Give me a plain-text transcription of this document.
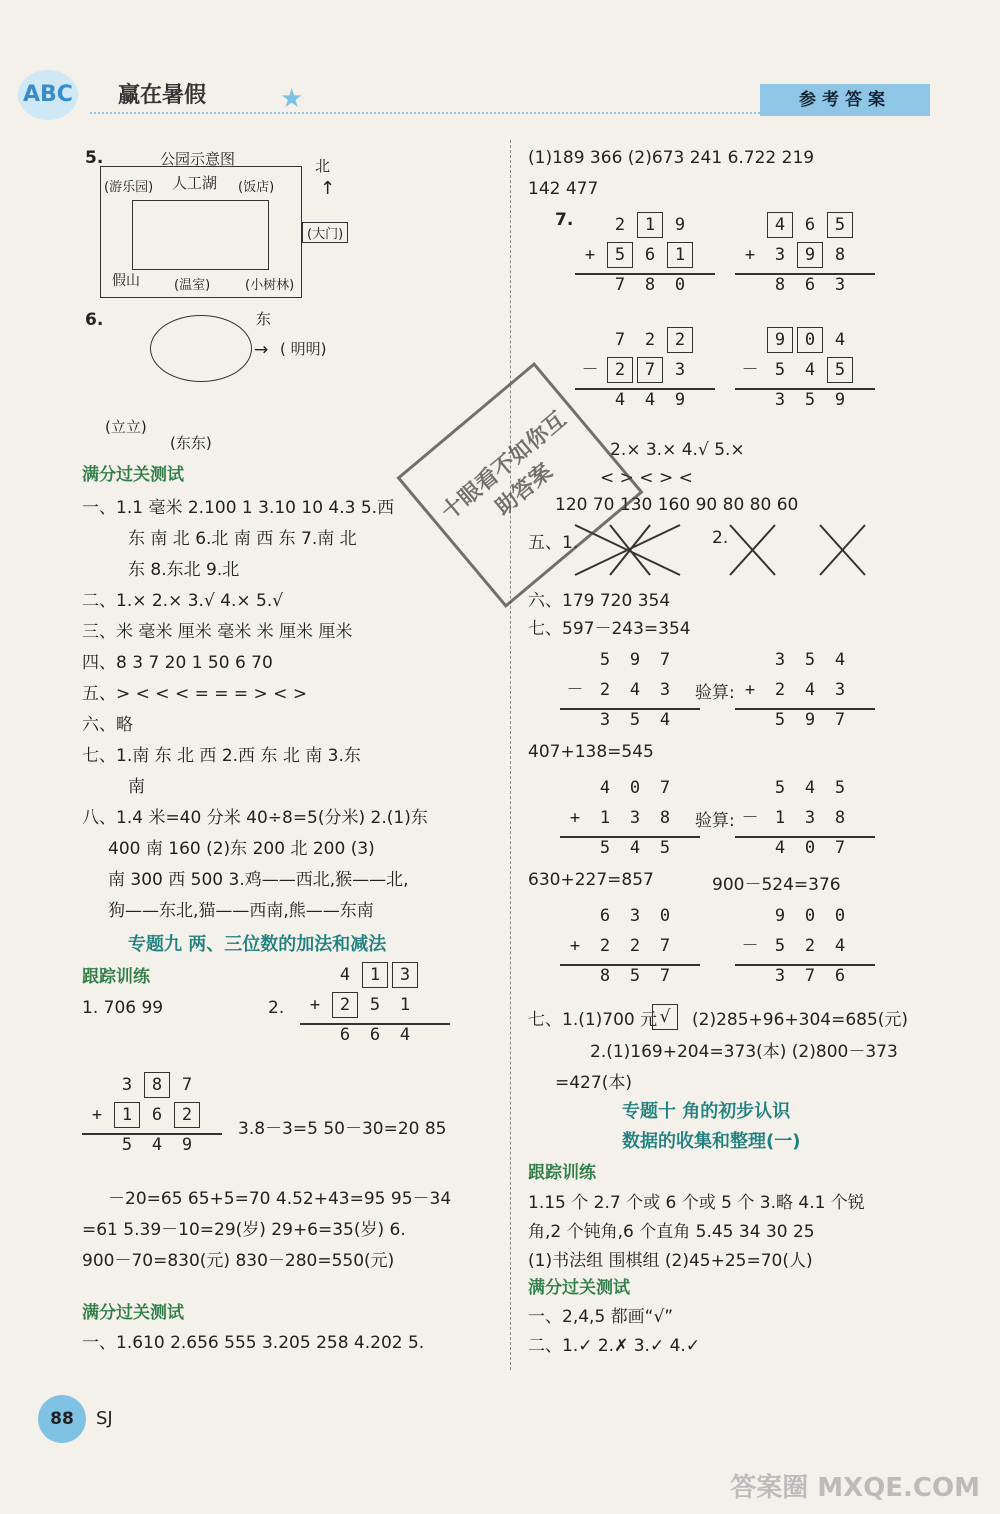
ABC 赢在暑假	★	参考答案
5.	公园示意图	北
↑
(游乐园) 人工湖 (饭店)
假山	(温室)	(小树林)
(大门)
6.	东
→ ( 明明)
(立立)
(东东)
满分过关测试
一、1.1 毫米 2.100 1 3.10 10 4.3 5.西
东 南 北 6.北 南 西 东 7.南 北
东 8.东北 9.北
二、1.× 2.× 3.√ 4.× 5.√
三、米 毫米 厘米 毫米 米 厘米 厘米
四、8 3 7 20 1 50 6 70
五、> < < < = = = > < >
六、略
七、1.南 东 北 西 2.西 东 北 南 3.东
南
八、1.4 米=40 分米 40÷8=5(分米) 2.(1)东
400 南 160 (2)东 200 北 200 (3)
南 300 西 500 3.鸡——西北,猴——北,
狗——东北,猫——西南,熊——东南
专题九 两、三位数的加法和减法
跟踪训练	4 1 3
+ 2 5 1
6 6 4
1. 706 99	2.
3 8 7
+ 1 6 2
5 4 9
3.8－3=5 50－30=20 85
－20=65 65+5=70 4.52+43=95 95－34
=61 5.39－10=29(岁) 29+6=35(岁) 6.
900－70=830(元) 830－280=550(元)
满分过关测试
一、1.610 2.656 555 3.205 258 4.202 5.
(1)189 366 (2)673 241 6.722 219
142 477
7.	2 1 9
+ 5 6 1
7 8 0
4 6 5
+ 3 9 8
8 6 3
7 2 2
－ 2 7 3
4 4 9
9 0 4
－ 5 4 5
3 5 9
2.× 3.× 4.√ 5.×
< > < > <
120 70 130 160 90 80 80 60
五、1.	2.
六、179 720 354
七、597－243=354
5 9 7
－ 2 4 3
3 5 4
验算:
3 5 4
+ 2 4 3
5 9 7
407+138=545
4 0 7
+ 1 3 8
5 4 5
验算:
5 4 5
－ 1 3 8
4 0 7
630+227=857	900－524=376
6 3 0
+ 2 2 7
8 5 7
9 0 0
－ 5 2 4
3 7 6
七、1.(1)700 元 √	(2)285+96+304=685(元)
2.(1)169+204=373(本) (2)800－373
=427(本)
专题十 角的初步认识
数据的收集和整理(一)
跟踪训练
1.15 个 2.7 个或 6 个或 5 个 3.略 4.1 个锐
角,2 个钝角,6 个直角 5.45 34 30 25
(1)书法组 围棋组 (2)45+25=70(人)
满分过关测试
一、2,4,5 都画“√”
二、1.✓ 2.✗ 3.✓ 4.✓
十眼看不如你互助答案
88	SJ
答案圈 MXQE.COM
